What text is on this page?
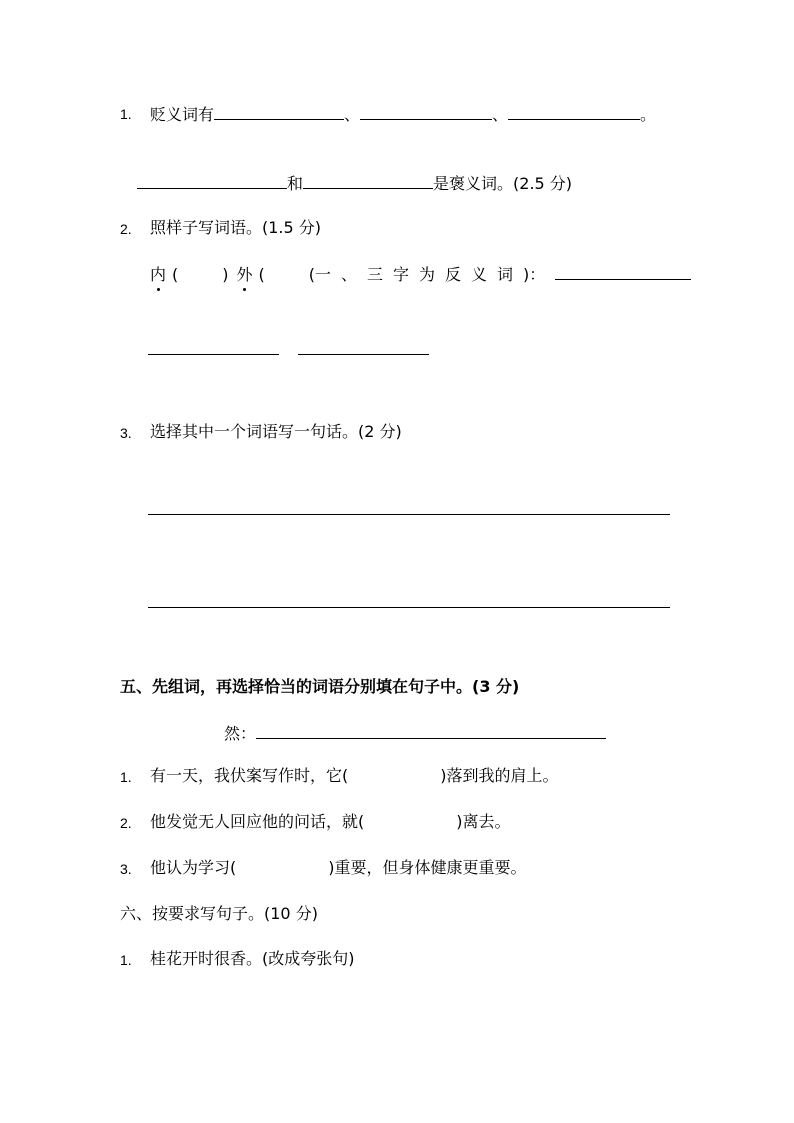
1. 贬义词有	、	、	。
和	是褒义词。(2.5 分)
2. 照样子写词语。(1.5 分)
内 (	) 外 (	(一、三字为反义词)：
3. 选择其中一个词语写一句话。(2 分)
五、先组词，再选择恰当的词语分别填在句子中。(3 分)
然：
1. 有一天，我伏案写作时，它(	)落到我的肩上。
2. 他发觉无人回应他的问话，就(	)离去。
3. 他认为学习(	)重要，但身体健康更重要。
六、按要求写句子。(10 分)
1. 桂花开时很香。(改成夸张句)
